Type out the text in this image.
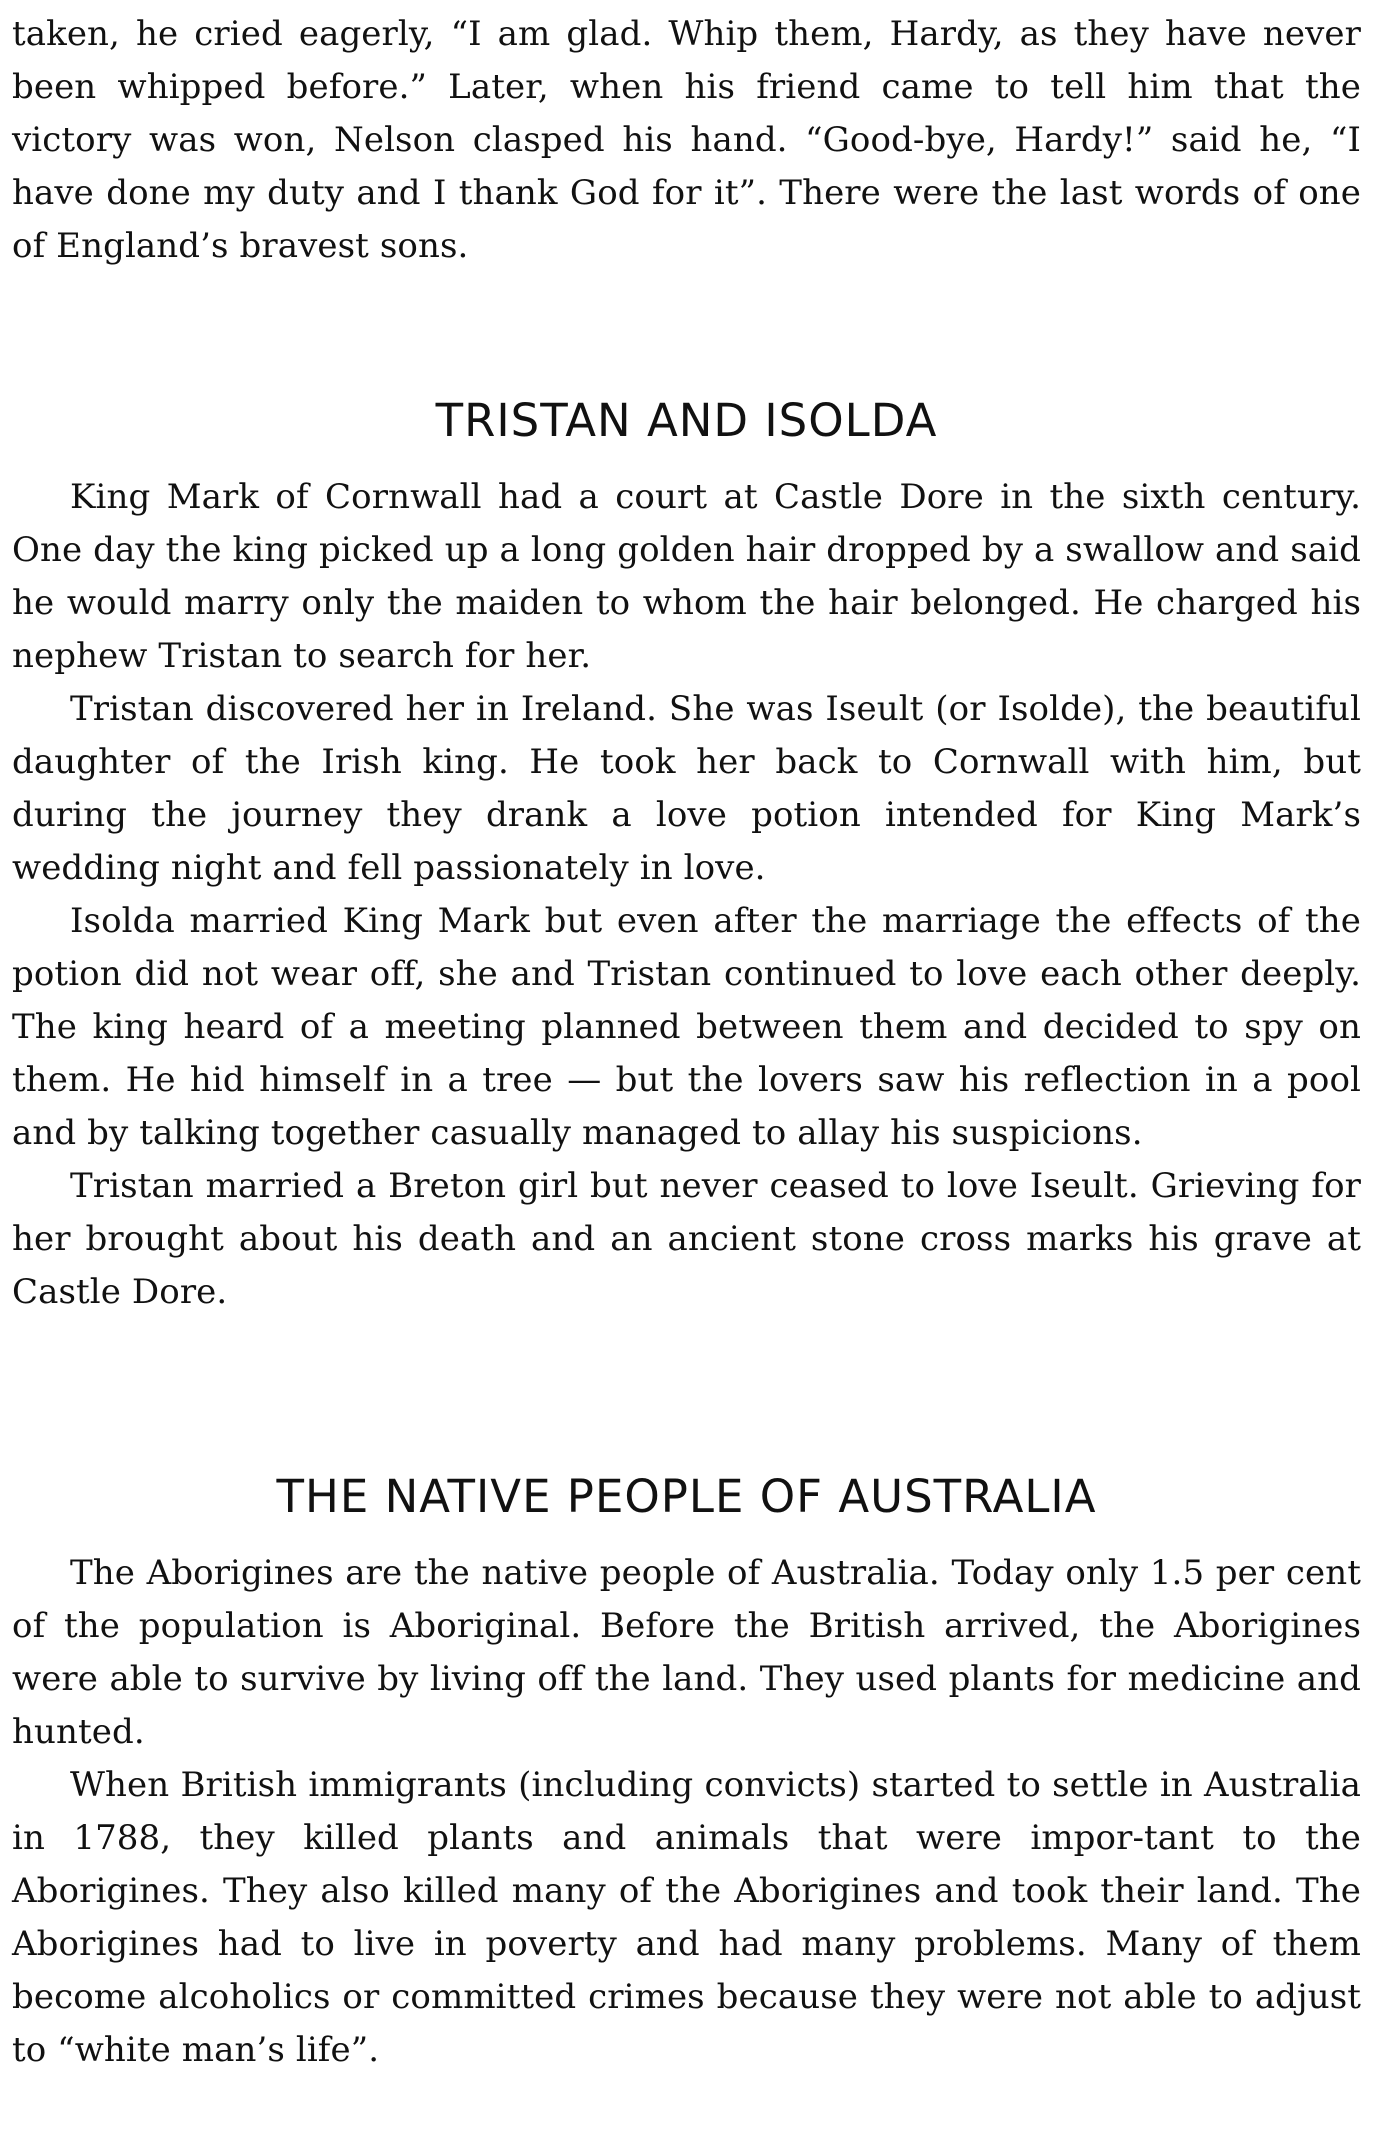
taken, he cried eagerly, “I am glad. Whip them, Hardy, as they have never been whipped before.” Later, when his friend came to tell him that the victory was won, Nelson clasped his hand. “Good-bye, Hardy!” said he, “I have done my duty and I thank God for it”. There were the last words of one of England’s bravest sons.

TRISTAN AND ISOLDA

King Mark of Cornwall had a court at Castle Dore in the sixth century. One day the king picked up a long golden hair dropped by a swallow and said he would marry only the maiden to whom the hair belonged. He charged his nephew Tristan to search for her.

Tristan discovered her in Ireland. She was Iseult (or Isolde), the beautiful daughter of the Irish king. He took her back to Cornwall with him, but during the journey they drank a love potion intended for King Mark’s wedding night and fell passionately in love.

Isolda married King Mark but even after the marriage the effects of the potion did not wear off, she and Tristan continued to love each other deeply. The king heard of a meeting planned between them and decided to spy on them. He hid himself in a tree — but the lovers saw his reflection in a pool and by talking together casually managed to allay his suspicions.

Tristan married a Breton girl but never ceased to love Iseult. Grieving for her brought about his death and an ancient stone cross marks his grave at Castle Dore.

THE NATIVE PEOPLE OF AUSTRALIA

The Aborigines are the native people of Australia. Today only 1.5 per cent of the population is Aboriginal. Before the British arrived, the Aborigines were able to survive by living off the land. They used plants for medicine and hunted.

When British immigrants (including convicts) started to settle in Australia in 1788, they killed plants and animals that were impor-tant to the Aborigines. They also killed many of the Aborigines and took their land. The Aborigines had to live in poverty and had many problems. Many of them become alcoholics or committed crimes because they were not able to adjust to “white man’s life”.
